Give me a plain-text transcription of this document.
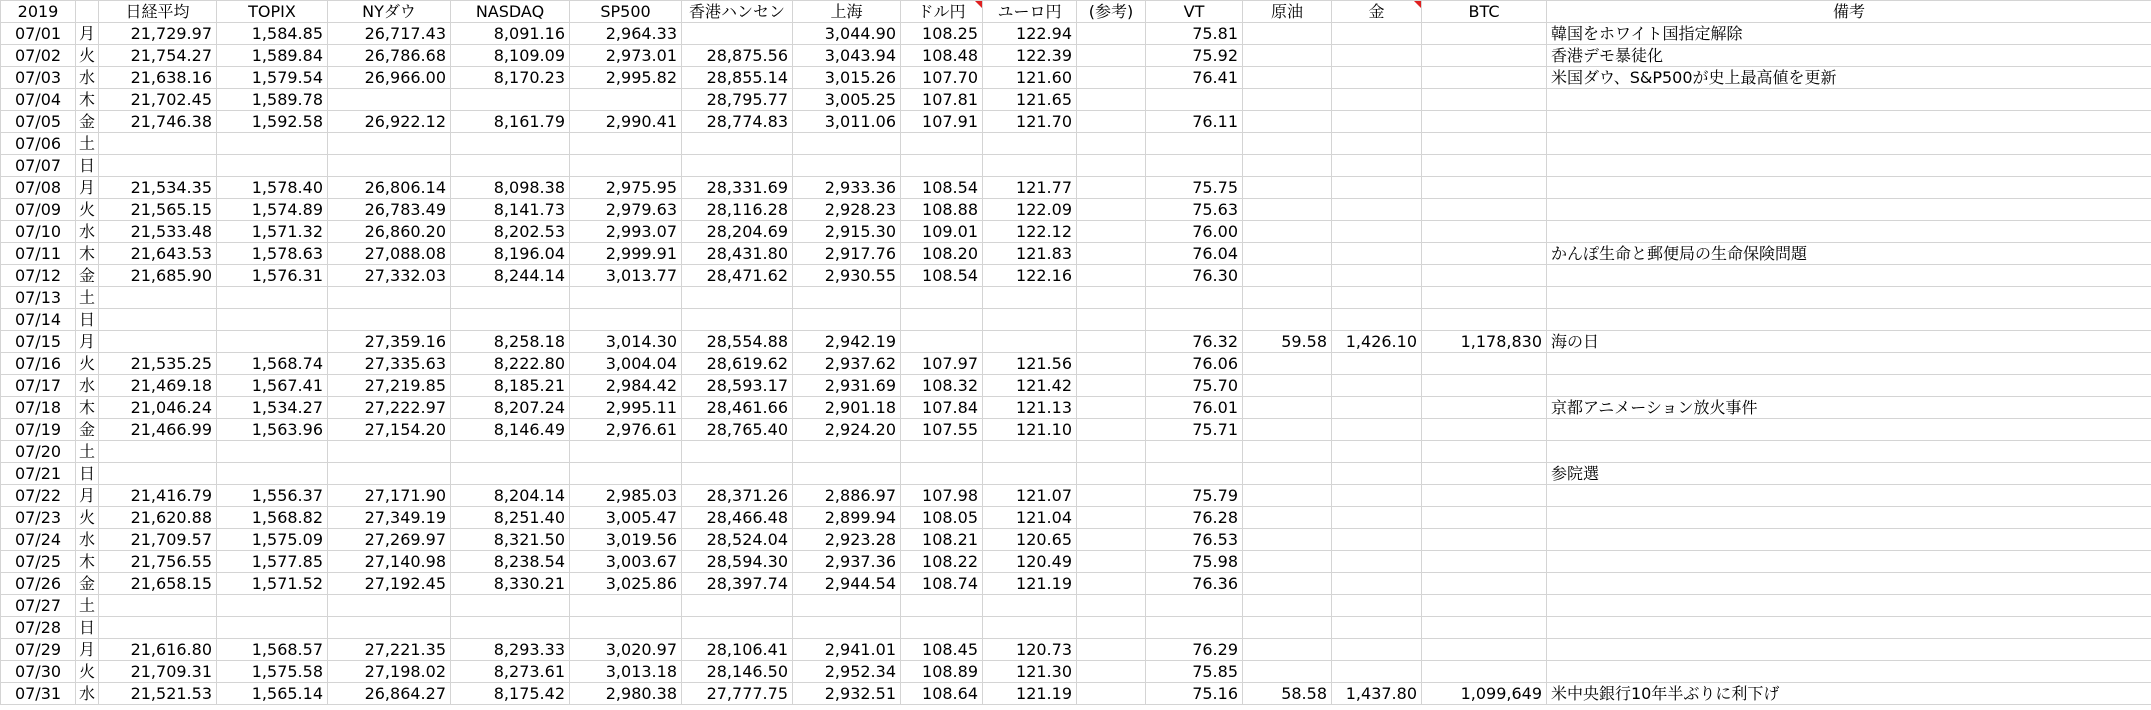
2019		日経平均	TOPIX	NYダウ	NASDAQ	SP500	香港ハンセン	上海	ドル円	ユーロ円	(参考)	VT	原油	金	BTC	備考
07/01	月	21,729.97	1,584.85	26,717.43	8,091.16	2,964.33		3,044.90	108.25	122.94		75.81				韓国をホワイト国指定解除
07/02	火	21,754.27	1,589.84	26,786.68	8,109.09	2,973.01	28,875.56	3,043.94	108.48	122.39		75.92				香港デモ暴徒化
07/03	水	21,638.16	1,579.54	26,966.00	8,170.23	2,995.82	28,855.14	3,015.26	107.70	121.60		76.41				米国ダウ、S&P500が史上最高値を更新
07/04	木	21,702.45	1,589.78				28,795.77	3,005.25	107.81	121.65						
07/05	金	21,746.38	1,592.58	26,922.12	8,161.79	2,990.41	28,774.83	3,011.06	107.91	121.70		76.11				
07/06	土															
07/07	日															
07/08	月	21,534.35	1,578.40	26,806.14	8,098.38	2,975.95	28,331.69	2,933.36	108.54	121.77		75.75				
07/09	火	21,565.15	1,574.89	26,783.49	8,141.73	2,979.63	28,116.28	2,928.23	108.88	122.09		75.63				
07/10	水	21,533.48	1,571.32	26,860.20	8,202.53	2,993.07	28,204.69	2,915.30	109.01	122.12		76.00				
07/11	木	21,643.53	1,578.63	27,088.08	8,196.04	2,999.91	28,431.80	2,917.76	108.20	121.83		76.04				かんぽ生命と郵便局の生命保険問題
07/12	金	21,685.90	1,576.31	27,332.03	8,244.14	3,013.77	28,471.62	2,930.55	108.54	122.16		76.30				
07/13	土															
07/14	日															
07/15	月			27,359.16	8,258.18	3,014.30	28,554.88	2,942.19				76.32	59.58	1,426.10	1,178,830	海の日
07/16	火	21,535.25	1,568.74	27,335.63	8,222.80	3,004.04	28,619.62	2,937.62	107.97	121.56		76.06				
07/17	水	21,469.18	1,567.41	27,219.85	8,185.21	2,984.42	28,593.17	2,931.69	108.32	121.42		75.70				
07/18	木	21,046.24	1,534.27	27,222.97	8,207.24	2,995.11	28,461.66	2,901.18	107.84	121.13		76.01				京都アニメーション放火事件
07/19	金	21,466.99	1,563.96	27,154.20	8,146.49	2,976.61	28,765.40	2,924.20	107.55	121.10		75.71				
07/20	土															
07/21	日															参院選
07/22	月	21,416.79	1,556.37	27,171.90	8,204.14	2,985.03	28,371.26	2,886.97	107.98	121.07		75.79				
07/23	火	21,620.88	1,568.82	27,349.19	8,251.40	3,005.47	28,466.48	2,899.94	108.05	121.04		76.28				
07/24	水	21,709.57	1,575.09	27,269.97	8,321.50	3,019.56	28,524.04	2,923.28	108.21	120.65		76.53				
07/25	木	21,756.55	1,577.85	27,140.98	8,238.54	3,003.67	28,594.30	2,937.36	108.22	120.49		75.98				
07/26	金	21,658.15	1,571.52	27,192.45	8,330.21	3,025.86	28,397.74	2,944.54	108.74	121.19		76.36				
07/27	土															
07/28	日															
07/29	月	21,616.80	1,568.57	27,221.35	8,293.33	3,020.97	28,106.41	2,941.01	108.45	120.73		76.29				
07/30	火	21,709.31	1,575.58	27,198.02	8,273.61	3,013.18	28,146.50	2,952.34	108.89	121.30		75.85				
07/31	水	21,521.53	1,565.14	26,864.27	8,175.42	2,980.38	27,777.75	2,932.51	108.64	121.19		75.16	58.58	1,437.80	1,099,649	米中央銀行10年半ぶりに利下げ
